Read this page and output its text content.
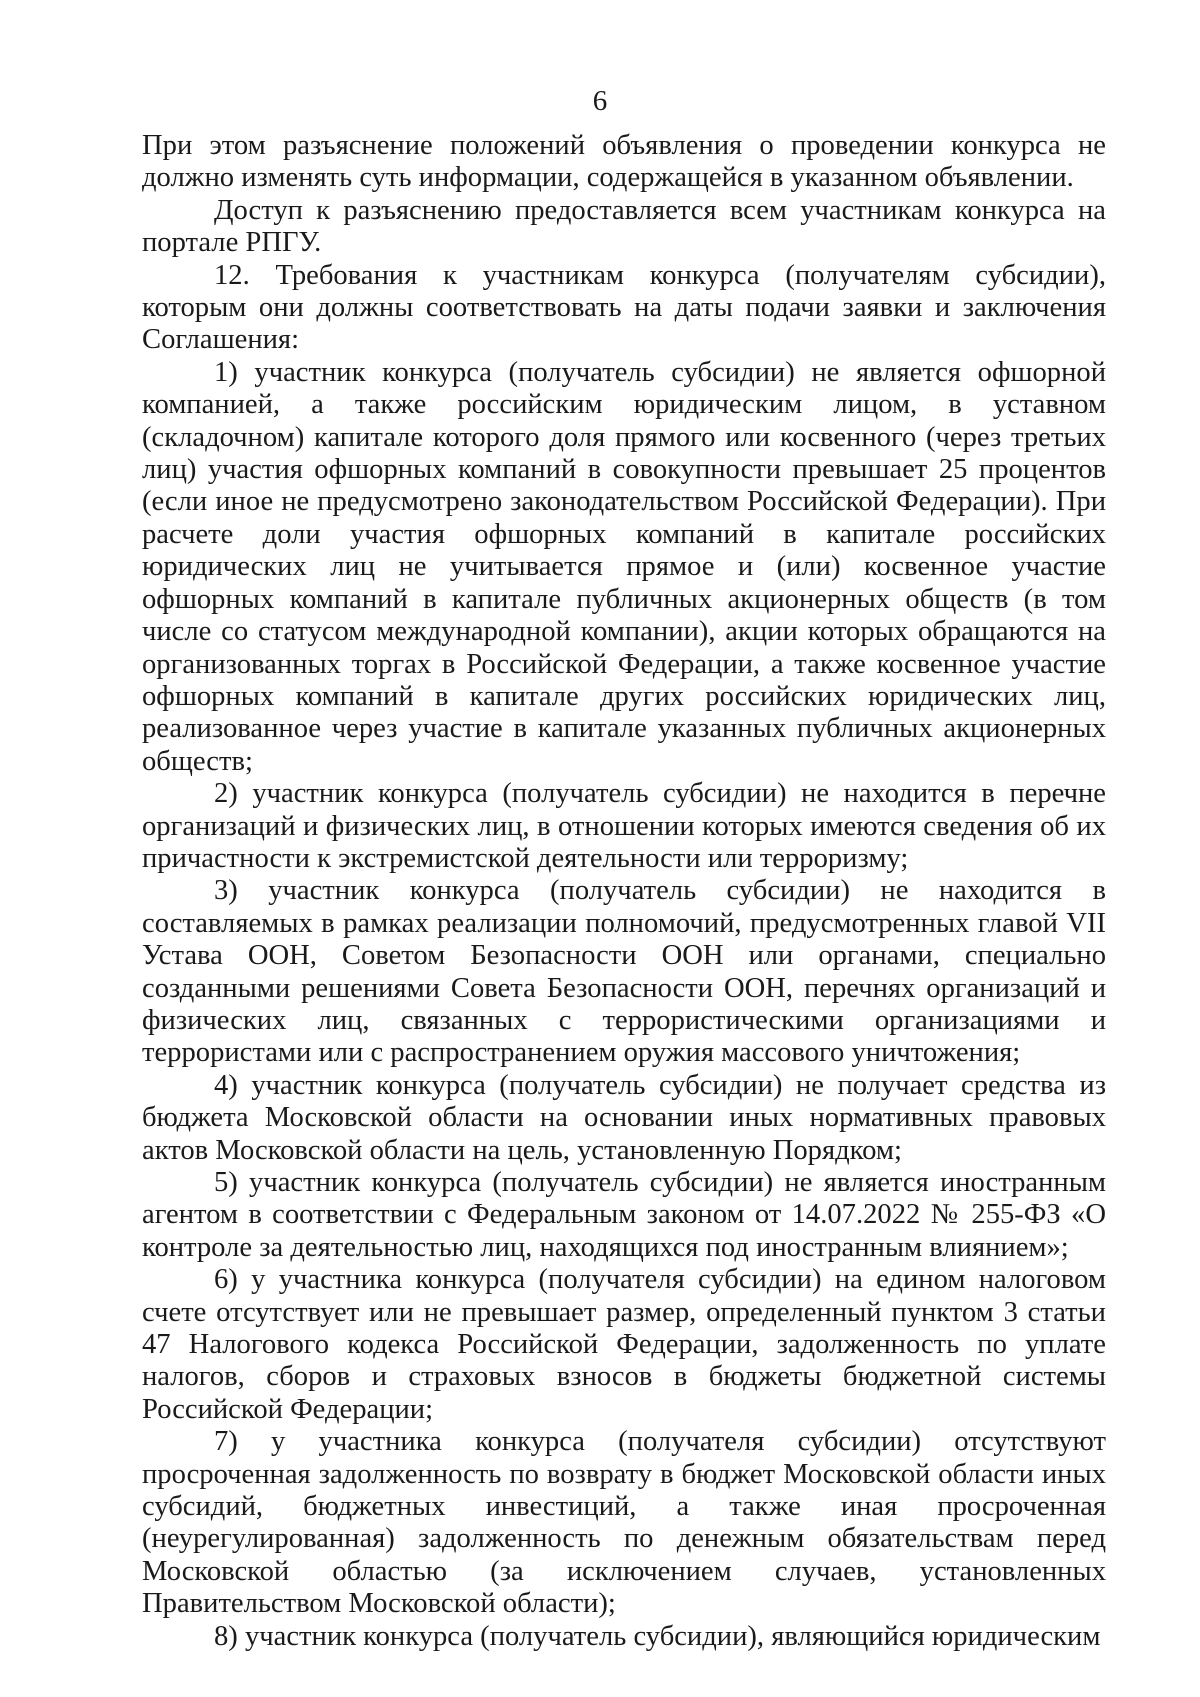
6

При этом разъяснение положений объявления о проведении конкурса не должно изменять суть информации, содержащейся в указанном объявлении.

Доступ к разъяснению предоставляется всем участникам конкурса на портале РПГУ.

12. Требования к участникам конкурса (получателям субсидии), которым они должны соответствовать на даты подачи заявки и заключения Соглашения:

1) участник конкурса (получатель субсидии) не является офшорной компанией, а также российским юридическим лицом, в уставном (складочном) капитале которого доля прямого или косвенного (через третьих лиц) участия офшорных компаний в совокупности превышает 25 процентов (если иное не предусмотрено законодательством Российской Федерации). При расчете доли участия офшорных компаний в капитале российских юридических лиц не учитывается прямое и (или) косвенное участие офшорных компаний в капитале публичных акционерных обществ (в том числе со статусом международной компании), акции которых обращаются на организованных торгах в Российской Федерации, а также косвенное участие офшорных компаний в капитале других российских юридических лиц, реализованное через участие в капитале указанных публичных акционерных обществ;

2) участник конкурса (получатель субсидии) не находится в перечне организаций и физических лиц, в отношении которых имеются сведения об их причастности к экстремистской деятельности или терроризму;

3) участник конкурса (получатель субсидии) не находится в составляемых в рамках реализации полномочий, предусмотренных главой VII Устава ООН, Советом Безопасности ООН или органами, специально созданными решениями Совета Безопасности ООН, перечнях организаций и физических лиц, связанных с террористическими организациями и террористами или с распространением оружия массового уничтожения;

4) участник конкурса (получатель субсидии) не получает средства из бюджета Московской области на основании иных нормативных правовых актов Московской области на цель, установленную Порядком;

5) участник конкурса (получатель субсидии) не является иностранным агентом в соответствии с Федеральным законом от 14.07.2022 № 255-ФЗ «О контроле за деятельностью лиц, находящихся под иностранным влиянием»;

6) у участника конкурса (получателя субсидии) на едином налоговом счете отсутствует или не превышает размер, определенный пунктом 3 статьи 47 Налогового кодекса Российской Федерации, задолженность по уплате налогов, сборов и страховых взносов в бюджеты бюджетной системы Российской Федерации;

7) у участника конкурса (получателя субсидии) отсутствуют просроченная задолженность по возврату в бюджет Московской области иных субсидий, бюджетных инвестиций, а также иная просроченная (неурегулированная) задолженность по денежным обязательствам перед Московской областью (за исключением случаев, установленных Правительством Московской области);

8) участник конкурса (получатель субсидии), являющийся юридическим
